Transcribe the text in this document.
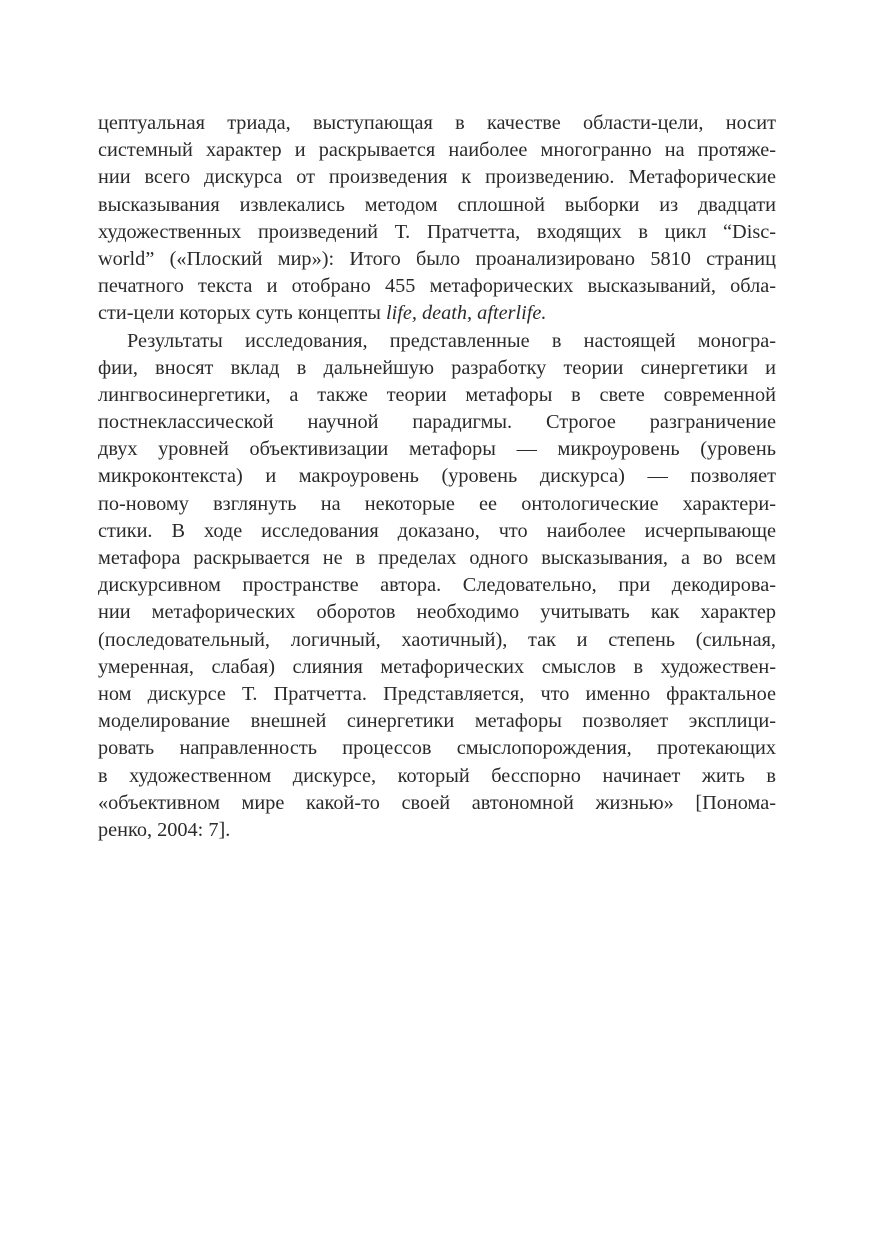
цептуальная триада, выступающая в качестве области-цели, носит
системный характер и раскрывается наиболее многогранно на протяже-
нии всего дискурса от произведения к произведению. Метафорические
высказывания извлекались методом сплошной выборки из двадцати
художественных произведений Т. Пратчетта, входящих в цикл “Disc-
world” («Плоский мир»): Итого было проанализировано 5810 страниц
печатного текста и отобрано 455 метафорических высказываний, обла-
сти-цели которых суть концепты life, death, afterlife.
Результаты исследования, представленные в настоящей моногра-
фии, вносят вклад в дальнейшую разработку теории синергетики и
лингвосинергетики, а также теории метафоры в свете современной
постнеклассической научной парадигмы. Строгое разграничение
двух уровней объективизации метафоры — микроуровень (уровень
микроконтекста) и макроуровень (уровень дискурса) — позволяет
по-новому взглянуть на некоторые ее онтологические характери-
стики. В ходе исследования доказано, что наиболее исчерпывающе
метафора раскрывается не в пределах одного высказывания, а во всем
дискурсивном пространстве автора. Следовательно, при декодирова-
нии метафорических оборотов необходимо учитывать как характер
(последовательный, логичный, хаотичный), так и степень (сильная,
умеренная, слабая) слияния метафорических смыслов в художествен-
ном дискурсе Т. Пратчетта. Представляется, что именно фрактальное
моделирование внешней синергетики метафоры позволяет эксплици-
ровать направленность процессов смыслопорождения, протекающих
в художественном дискурсе, который бесспорно начинает жить в
«объективном мире какой-то своей автономной жизнью» [Понома-
ренко, 2004: 7].
